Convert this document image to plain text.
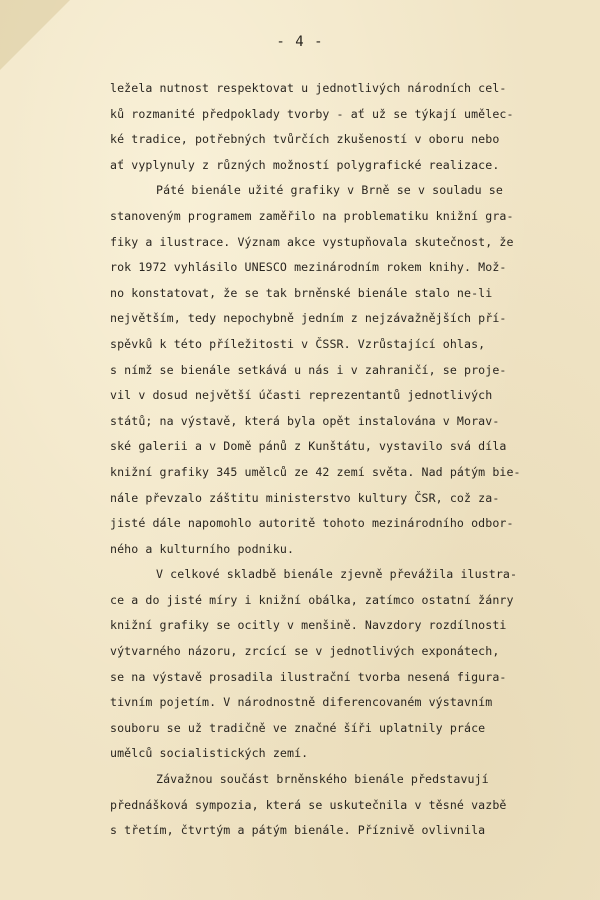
- 4 -
ležela nutnost respektovat u jednotlivých národních cel-
ků rozmanité předpoklady tvorby - ať už se týkají umělec-
ké tradice, potřebných tvůrčích zkušeností v oboru nebo
ať vyplynuly z různých možností polygrafické realizace.
Páté bienále užité grafiky v Brně se v souladu se
stanoveným programem zaměřilo na problematiku knižní gra-
fiky a ilustrace. Význam akce vystupňovala skutečnost, že
rok 1972 vyhlásilo UNESCO mezinárodním rokem knihy. Mož-
no konstatovat, že se tak brněnské bienále stalo ne-li
největším, tedy nepochybně jedním z nejzávažnějších pří-
spěvků k této příležitosti v ČSSR. Vzrůstající ohlas,
s nímž se bienále setkává u nás i v zahraničí, se proje-
vil v dosud největší účasti reprezentantů jednotlivých
států; na výstavě, která byla opět instalována v Morav-
ské galerii a v Domě pánů z Kunštátu, vystavilo svá díla
knižní grafiky 345 umělců ze 42 zemí světa. Nad pátým bie-
nále převzalo záštitu ministerstvo kultury ČSR, což za-
jisté dále napomohlo autoritě tohoto mezinárodního odbor-
ného a kulturního podniku.
V celkové skladbě bienále zjevně převážila ilustra-
ce a do jisté míry i knižní obálka, zatímco ostatní žánry
knižní grafiky se ocitly v menšině. Navzdory rozdílnosti
výtvarného názoru, zrcící se v jednotlivých exponátech,
se na výstavě prosadila ilustrační tvorba nesená figura-
tivním pojetím. V národnostně diferencovaném výstavním
souboru se už tradičně ve značné šíři uplatnily práce
umělců socialistických zemí.
Závažnou součást brněnského bienále představují
přednášková sympozia, která se uskutečnila v těsné vazbě
s třetím, čtvrtým a pátým bienále. Příznivě ovlivnila
